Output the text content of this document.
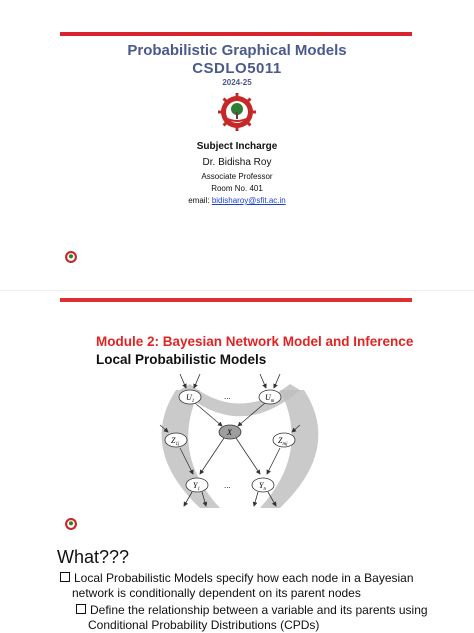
Probabilistic Graphical Models
CSDLO5011
2024-25
Subject Incharge
Dr. Bidisha Roy
Associate Professor
Room No. 401
email: bidisharoy@sfit.ac.in
Module 2: Bayesian Network Model and Inference
Local Probabilistic Models
$U_1$
...	$U_m$
X
$Z_{1j}$	$Z_{mj}$
$Y_1$	...	$Y_n$
What???
Local Probabilistic Models specify how each node in a Bayesian
network is conditionally dependent on its parent nodes
Define the relationship between a variable and its parents using
Conditional Probability Distributions (CPDs)
